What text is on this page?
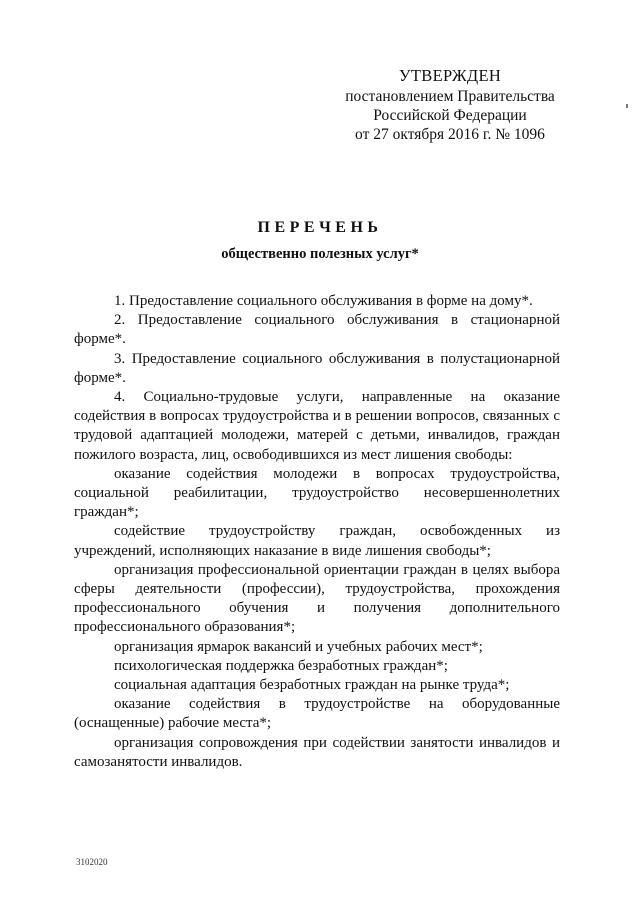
УТВЕРЖДЕН
постановлением Правительства
Российской Федерации
от 27 октября 2016 г. № 1096
ПЕРЕЧЕНЬ
общественно полезных услуг*

1. Предоставление социального обслуживания в форме на дому*.

2. Предоставление социального обслуживания в стационарной форме*.

3. Предоставление социального обслуживания в полустационарной форме*.

4. Социально-трудовые услуги, направленные на оказание содействия в вопросах трудоустройства и в решении вопросов, связанных с трудовой адаптацией молодежи, матерей с детьми, инвалидов, граждан пожилого возраста, лиц, освободившихся из мест лишения свободы:

оказание содействия молодежи в вопросах трудоустройства, социальной реабилитации, трудоустройство несовершеннолетних граждан*;

содействие трудоустройству граждан, освобожденных из учреждений, исполняющих наказание в виде лишения свободы*;

организация профессиональной ориентации граждан в целях выбора сферы деятельности (профессии), трудоустройства, прохождения профессионального обучения и получения дополнительного профессионального образования*;

организация ярмарок вакансий и учебных рабочих мест*;

психологическая поддержка безработных граждан*;

социальная адаптация безработных граждан на рынке труда*;

оказание содействия в трудоустройстве на оборудованные (оснащенные) рабочие места*;

организация сопровождения при содействии занятости инвалидов и самозанятости инвалидов.

3102020
